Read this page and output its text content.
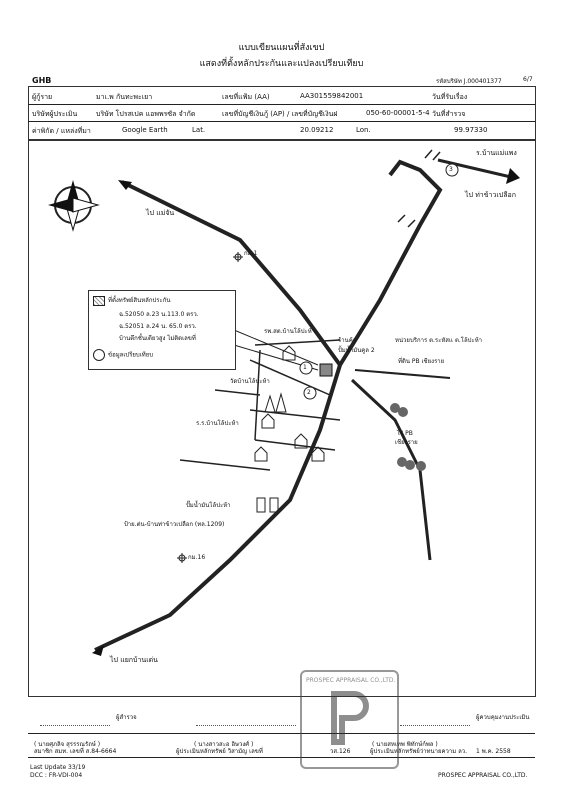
แบบเขียนแผนที่สังเขป
แสดงที่ตั้งหลักประกันและแปลงเปรียบเทียบ
GHB	รหัสบริษัท J.000401377	6/7
ผู้กู้ราย	มาเ.พ กันทะพะเยา	เลขที่แฟ้ม (AA)	AA301559842001	วันที่รับเรื่อง
บริษัทผู้ประเมิน	บริษัท โปรสเปค แอพพรซัล จำกัด	เลขที่บัญชีเงินกู้ (AP) / เลขที่บัญชีเงินฝ	050-60-00001-5-4 วันที่สำรวจ
ค่าพิกัด / แหล่งที่มา	Google Earth	Lat.	20.09212	Lon.	99.97330
ร.บ้านแม่แพง
ไป แม่จัน
ไป ท่าข้าวเปลือก
ไป แยกบ้านเด่น
กม.1
กม.16
รพ.สต.บ้านโล้ปะห้า
ร้านค้า
ปั้มน้ำมันคูล 2
หน่วยบริการ ต.ระหัสเเ ต.โล้ปะห้า
ที่ดิน PB เชียงราย
วัดบ้านโล้ปะห้า
ร.ร.บ้านโล้ปะห้า
ไร่ PB
เชียงราย
ปั๊มน้ำมันโล้ปะห้า
ป้าย.ต่น-บ้านท่าข้าวเปลือก (ทล.1209)
1
2
3
ที่ตั้งทรัพย์สินหลักประกัน
ฉ.52050 ล.23 น.113.0 ตรว.
ฉ.52051 ล.24 น. 65.0 ตรว.
บ้านตึกชั้นเดียวสูง ไม่ติดเลขที่
ข้อมูลเปรียบเทียบ
ผู้สำรวจ
( นายศุภลิจ สุรรรณรัถษ์ )
สมาชิก สมท. เลขที่ ส.84-6664
( นางสาวสะอ อิษวงศ์ )
ผู้ประเมินหลักทรัพย์ วิสามัญ เลขที่	วส.126
( นายสหเทพ พิทักษ์ก์พล )
ผู้ควบคุมงานประเมิน
ผู้ประเมินหลักทรัพย์ว่าทนายความ ลว. 1 พ.ค. 2558
PROSPEC APPRAISAL CO.,LTD.
Last Update 33/19
DCC : FR-VDI-004	PROSPEC APPRAISAL CO.,LTD.
